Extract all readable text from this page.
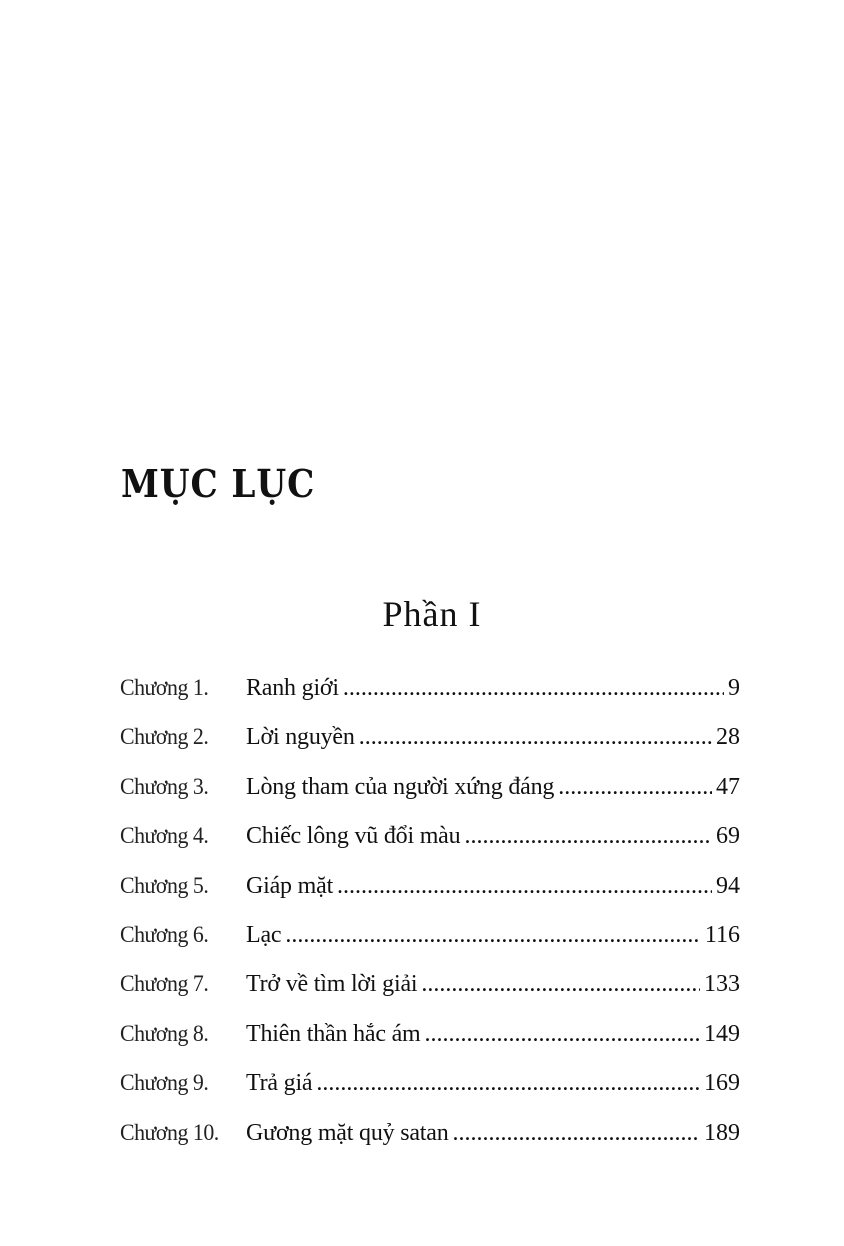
MỤC LỤC
Phần I
Chương 1.	Ranh giới . . .	9
Chương 2.	Lời nguyền . . .	28
Chương 3.	Lòng tham của người xứng đáng . . .	47
Chương 4.	Chiếc lông vũ đổi màu . . .	69
Chương 5.	Giáp mặt . . .	94
Chương 6.	Lạc . . .	116
Chương 7.	Trở về tìm lời giải . . .	133
Chương 8.	Thiên thần hắc ám . . .	149
Chương 9.	Trả giá . . .	169
Chương 10.	Gương mặt quỷ satan . . .	189
